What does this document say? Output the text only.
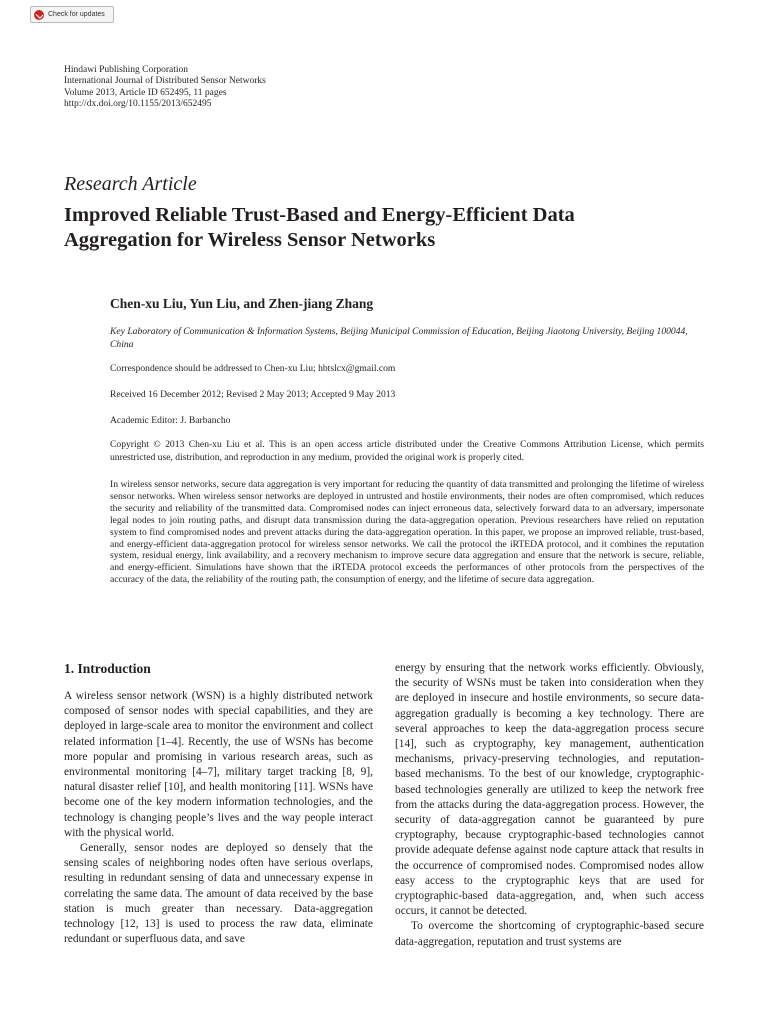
Check for updates
Hindawi Publishing Corporation
International Journal of Distributed Sensor Networks
Volume 2013, Article ID 652495, 11 pages
http://dx.doi.org/10.1155/2013/652495
Research Article
Improved Reliable Trust-Based and Energy-Efficient Data
Aggregation for Wireless Sensor Networks
Chen-xu Liu, Yun Liu, and Zhen-jiang Zhang
Key Laboratory of Communication & Information Systems, Beijing Municipal Commission of Education, Beijing Jiaotong University, Beijing 100044, China
Correspondence should be addressed to Chen-xu Liu; hbtslcx@gmail.com
Received 16 December 2012; Revised 2 May 2013; Accepted 9 May 2013
Academic Editor: J. Barbancho
Copyright © 2013 Chen-xu Liu et al. This is an open access article distributed under the Creative Commons Attribution License, which permits unrestricted use, distribution, and reproduction in any medium, provided the original work is properly cited.
In wireless sensor networks, secure data aggregation is very important for reducing the quantity of data transmitted and prolonging the lifetime of wireless sensor networks. When wireless sensor networks are deployed in untrusted and hostile environments, their nodes are often compromised, which reduces the security and reliability of the transmitted data. Compromised nodes can inject erroneous data, selectively forward data to an adversary, impersonate legal nodes to join routing paths, and disrupt data transmission during the data-aggregation operation. Previous researchers have relied on reputation system to find compromised nodes and prevent attacks during the data-aggregation operation. In this paper, we propose an improved reliable, trust-based, and energy-efficient data-aggregation protocol for wireless sensor networks. We call the protocol the iRTEDA protocol, and it combines the reputation system, residual energy, link availability, and a recovery mechanism to improve secure data aggregation and ensure that the network is secure, reliable, and energy-efficient. Simulations have shown that the iRTEDA protocol exceeds the performances of other protocols from the perspectives of the accuracy of the data, the reliability of the routing path, the consumption of energy, and the lifetime of secure data aggregation.
1. Introduction

A wireless sensor network (WSN) is a highly distributed network composed of sensor nodes with special capabilities, and they are deployed in large-scale area to monitor the environment and collect related information [1–4]. Recently, the use of WSNs has become more popular and promising in various research areas, such as environmental monitoring [4–7], military target tracking [8, 9], natural disaster relief [10], and health monitoring [11]. WSNs have become one of the key modern information technologies, and the technology is changing people’s lives and the way people interact with the physical world.

Generally, sensor nodes are deployed so densely that the sensing scales of neighboring nodes often have serious overlaps, resulting in redundant sensing of data and unnecessary expense in correlating the same data. The amount of data received by the base station is much greater than necessary. Data-aggregation technology [12, 13] is used to process the raw data, eliminate redundant or superfluous data, and save

energy by ensuring that the network works efficiently. Obviously, the security of WSNs must be taken into consideration when they are deployed in insecure and hostile environments, so secure data-aggregation gradually is becoming a key technology. There are several approaches to keep the data-aggregation process secure [14], such as cryptography, key management, authentication mechanisms, privacy-preserving technologies, and reputation-based mechanisms. To the best of our knowledge, cryptographic-based technologies generally are utilized to keep the network free from the attacks during the data-aggregation process. However, the security of data-aggregation cannot be guaranteed by pure cryptography, because cryptographic-based technologies cannot provide adequate defense against node capture attack that results in the occurrence of compromised nodes. Compromised nodes allow easy access to the cryptographic keys that are used for cryptographic-based data-aggregation, and, when such access occurs, it cannot be detected.

To overcome the shortcoming of cryptographic-based secure data-aggregation, reputation and trust systems are
